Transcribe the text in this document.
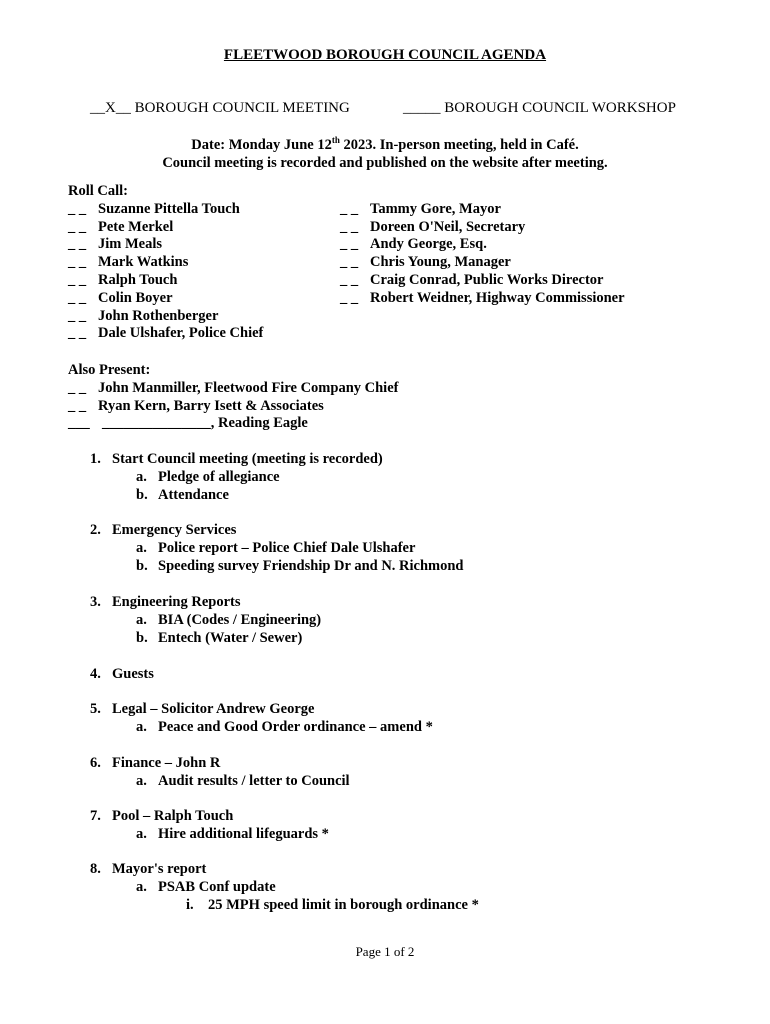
FLEETWOOD BOROUGH COUNCIL AGENDA
__X__ BOROUGH COUNCIL MEETING	_____ BOROUGH COUNCIL WORKSHOP
Date: Monday June 12th 2023. In-person meeting, held in Café.
Council meeting is recorded and published on the website after meeting.
Roll Call:
_ _ Suzanne Pittella Touch
_ _ Pete Merkel
_ _ Jim Meals
_ _ Mark Watkins
_ _ Ralph Touch
_ _ Colin Boyer
_ _ John Rothenberger
_ _ Dale Ulshafer, Police Chief
_ _ Tammy Gore, Mayor
_ _ Doreen O'Neil, Secretary
_ _ Andy George, Esq.
_ _ Chris Young, Manager
_ _ Craig Conrad, Public Works Director
_ _ Robert Weidner, Highway Commissioner
Also Present:
_ _ John Manmiller, Fleetwood Fire Company Chief
_ _ Ryan Kern, Barry Isett & Associates
___ _______________, Reading Eagle
1. Start Council meeting (meeting is recorded)
a. Pledge of allegiance
b. Attendance
2. Emergency Services
a. Police report – Police Chief Dale Ulshafer
b. Speeding survey Friendship Dr and N. Richmond
3. Engineering Reports
a. BIA (Codes / Engineering)
b. Entech (Water / Sewer)
4. Guests
5. Legal – Solicitor Andrew George
a. Peace and Good Order ordinance – amend *
6. Finance – John R
a. Audit results / letter to Council
7. Pool – Ralph Touch
a. Hire additional lifeguards *
8. Mayor's report
a. PSAB Conf update
i. 25 MPH speed limit in borough ordinance *
Page 1 of 2
